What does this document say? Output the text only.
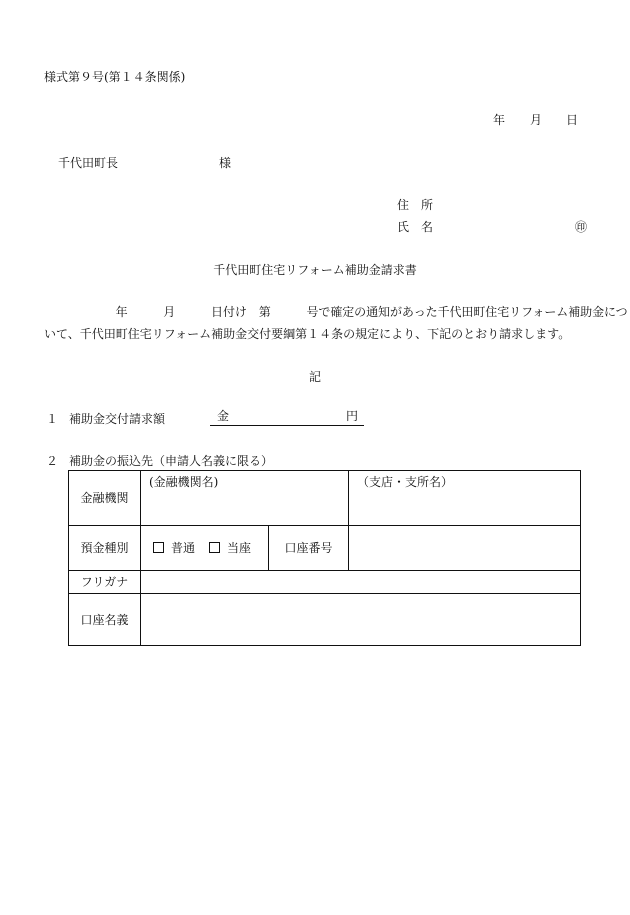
様式第９号(第１４条関係)
年 月 日
千代田町長	様
住　所
氏　名	㊞
千代田町住宅リフォーム補助金請求書
　　　　　　年　　　月　　　日付け　第　　　号で確定の通知があった千代田町住宅リフォーム補助金につ
いて、千代田町住宅リフォーム補助金交付要綱第１４条の規定により、下記のとおり請求します。
記
１ 補助金交付請求額	金	円
２ 補助金の振込先（申請人名義に限る）
金融機関	(金融機関名)		（支店・支所名）
預金種別	普通 当座	口座番号	
フリガナ			
口座名義			
